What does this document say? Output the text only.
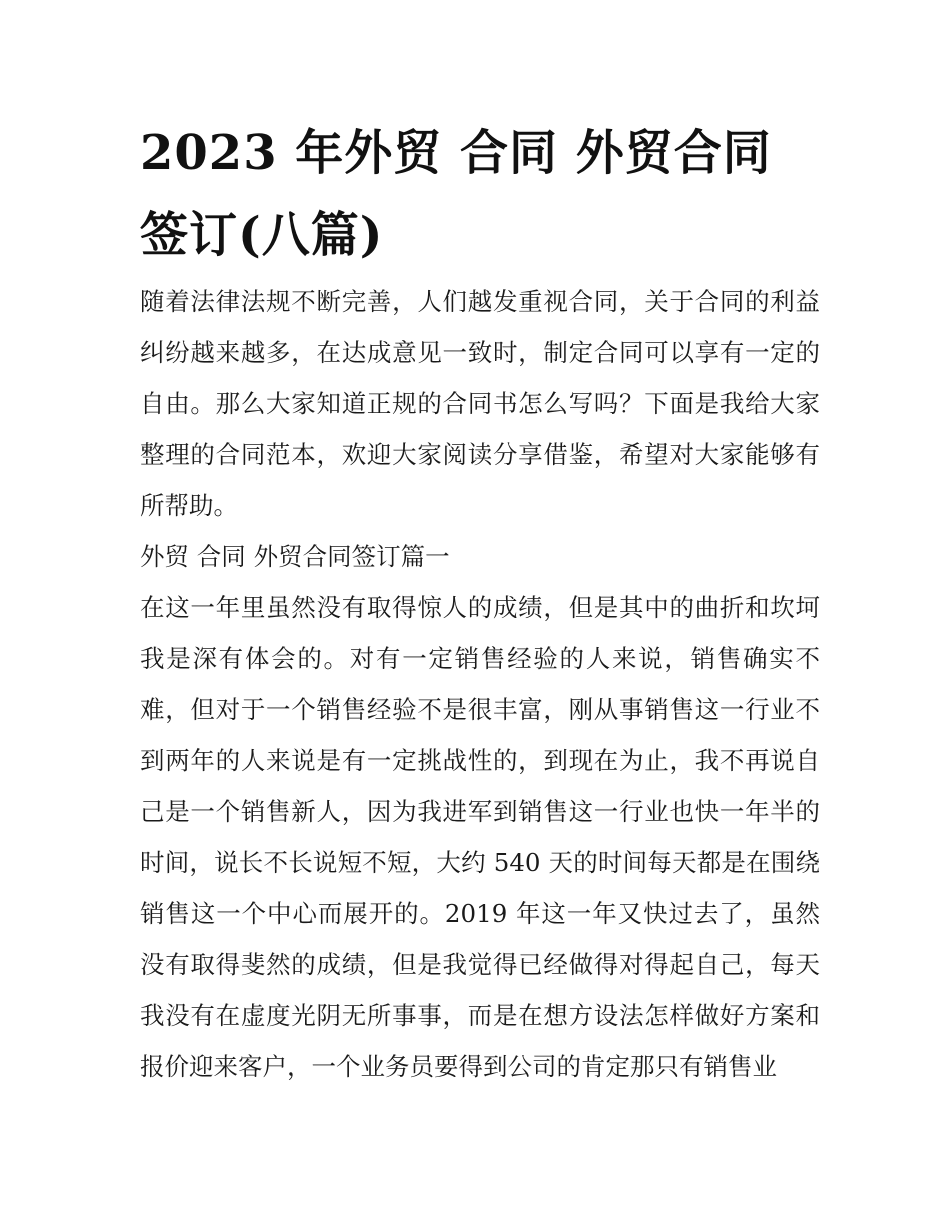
2023 年外贸 合同 外贸合同签订(八篇)

随着法律法规不断完善，人们越发重视合同，关于合同的利益纠纷越来越多，在达成意见一致时，制定合同可以享有一定的自由。那么大家知道正规的合同书怎么写吗？下面是我给大家整理的合同范本，欢迎大家阅读分享借鉴，希望对大家能够有所帮助。

外贸 合同 外贸合同签订篇一

在这一年里虽然没有取得惊人的成绩，但是其中的曲折和坎坷我是深有体会的。对有一定销售经验的人来说，销售确实不难，但对于一个销售经验不是很丰富，刚从事销售这一行业不到两年的人来说是有一定挑战性的，到现在为止，我不再说自己是一个销售新人，因为我进军到销售这一行业也快一年半的时间，说长不长说短不短，大约 540 天的时间每天都是在围绕销售这一个中心而展开的。2019 年这一年又快过去了，虽然没有取得斐然的成绩，但是我觉得已经做得对得起自己，每天我没有在虚度光阴无所事事，而是在想方设法怎样做好方案和报价迎来客户，一个业务员要得到公司的肯定那只有销售业
